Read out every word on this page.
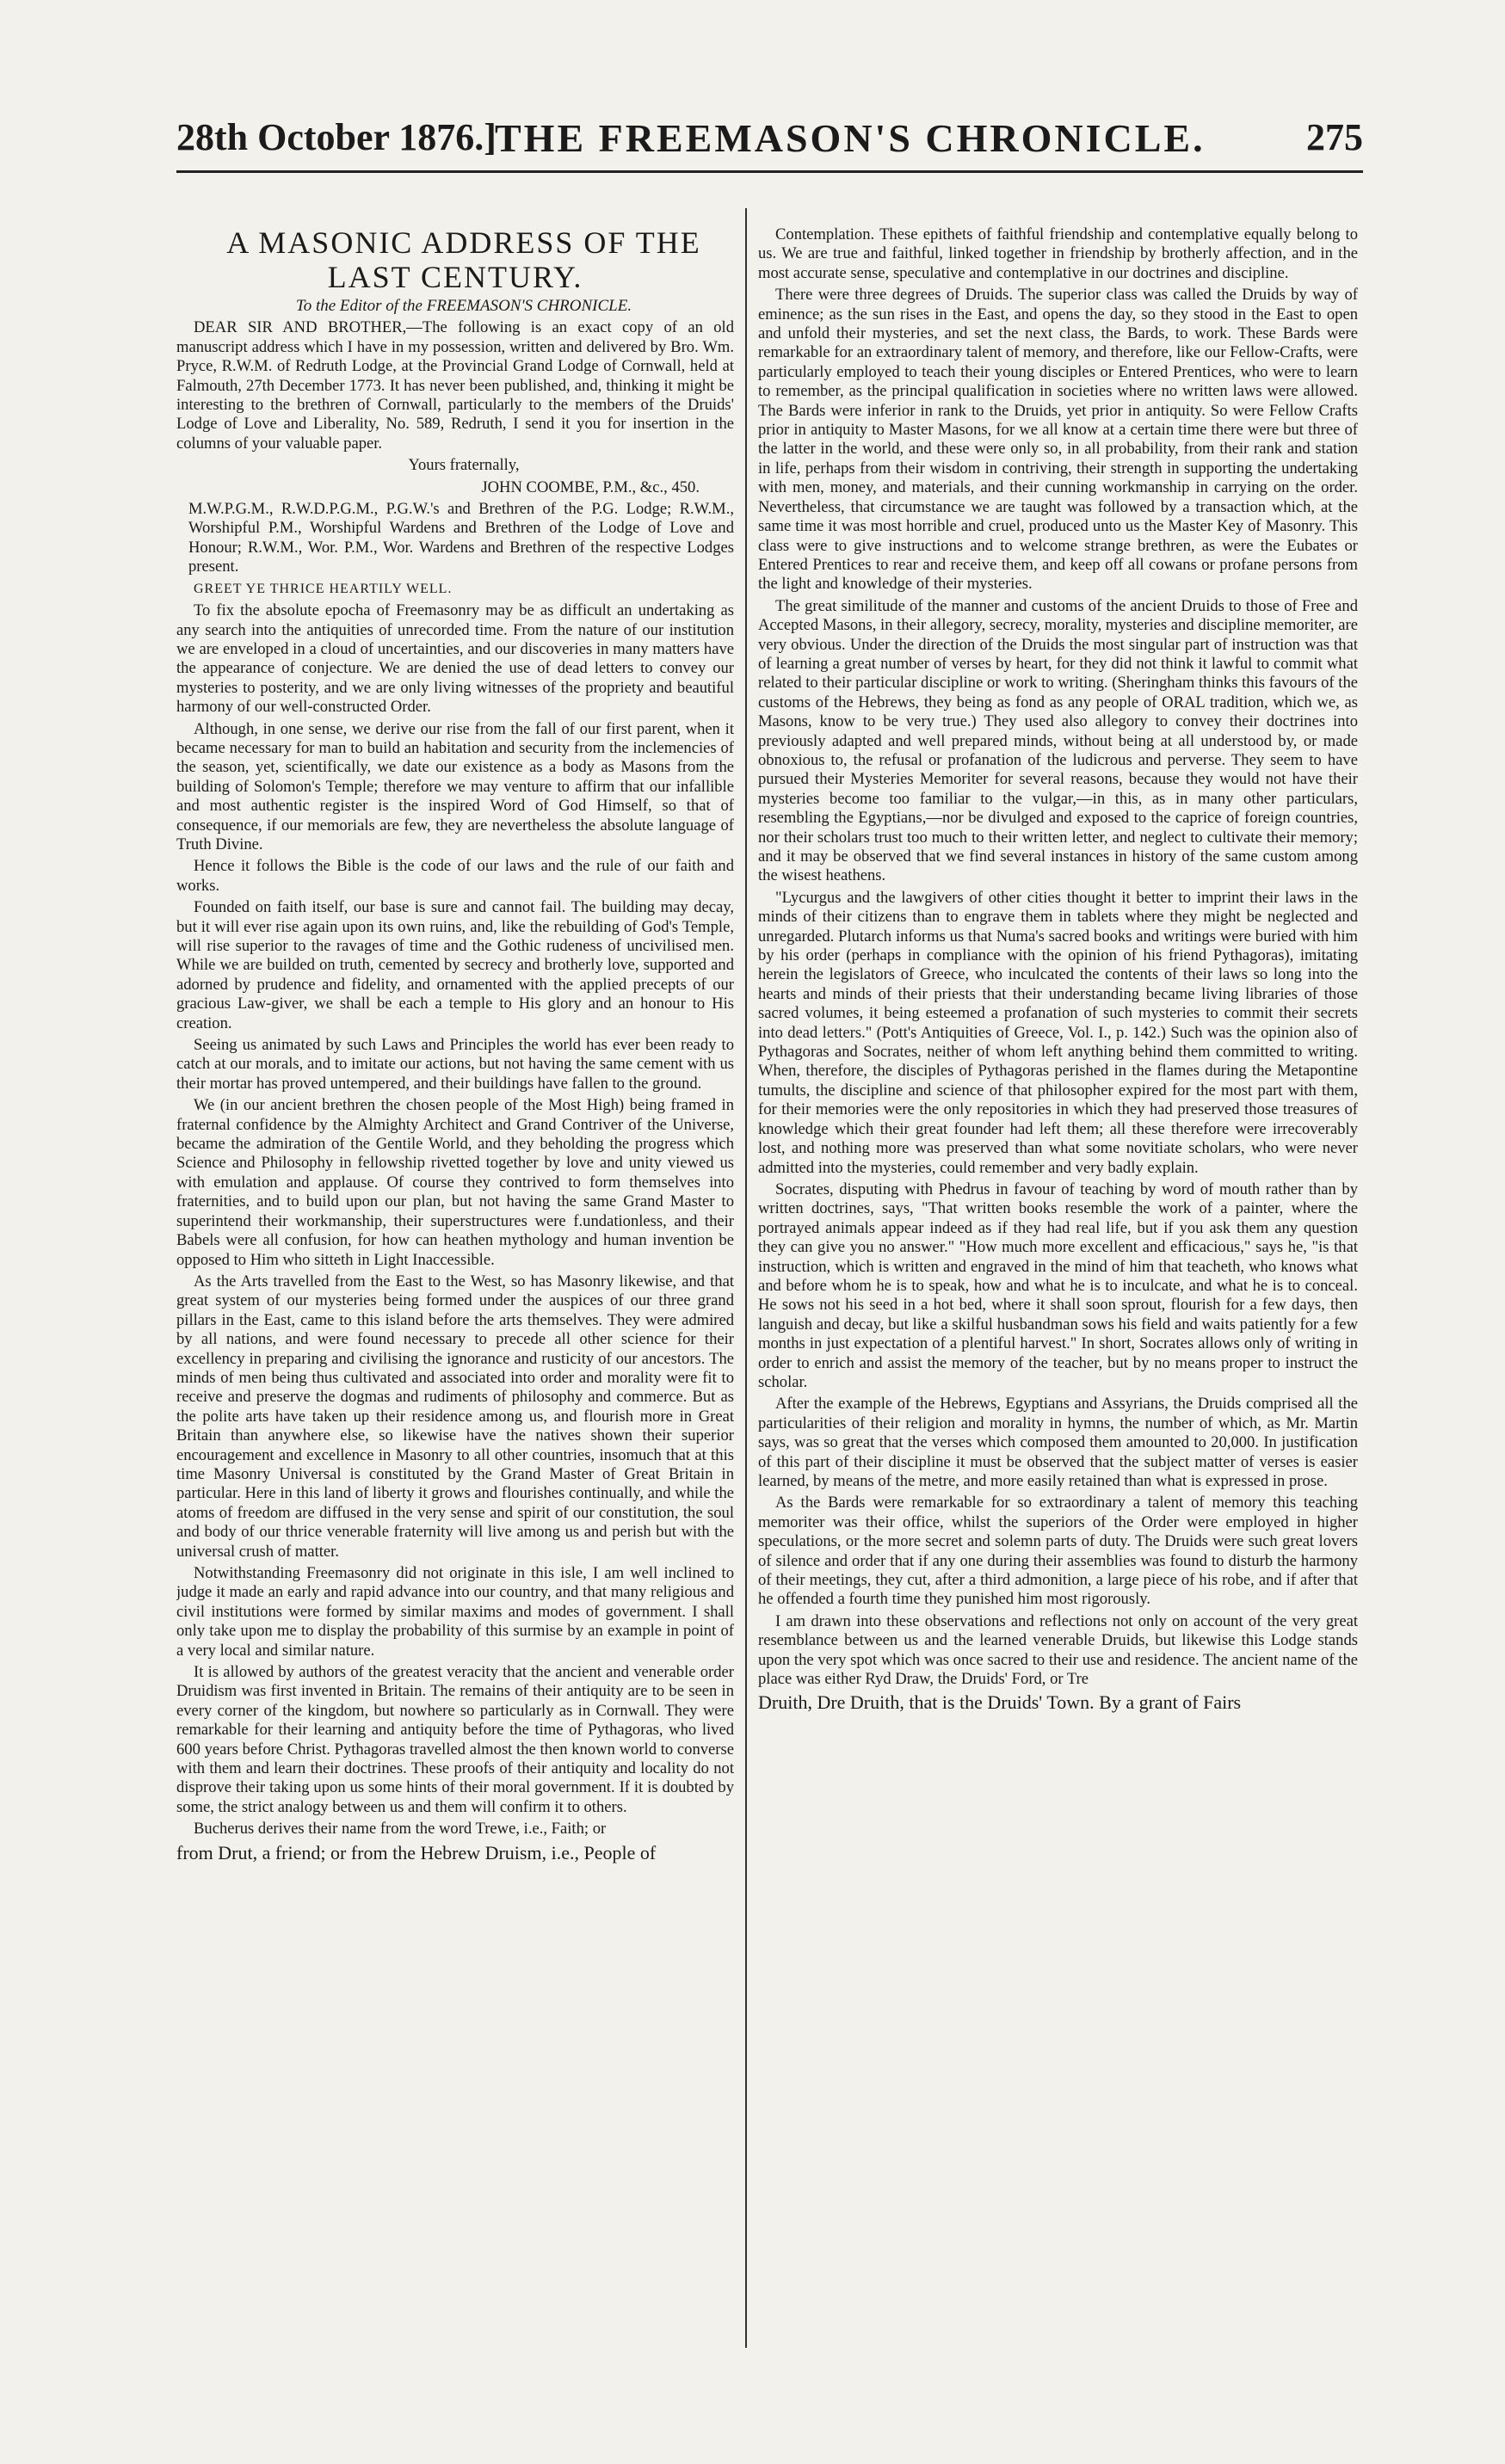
28th October 1876.]
THE FREEMASON'S CHRONICLE.	275

A MASONIC ADDRESS OF THE LAST CENTURY.

To the Editor of the FREEMASON'S CHRONICLE.

DEAR SIR AND BROTHER,—The following is an exact copy of an old manuscript address which I have in my possession, written and delivered by Bro. Wm. Pryce, R.W.M. of Redruth Lodge, at the Provincial Grand Lodge of Cornwall, held at Falmouth, 27th December 1773. It has never been published, and, thinking it might be interesting to the brethren of Cornwall, particularly to the members of the Druids' Lodge of Love and Liberality, No. 589, Redruth, I send it you for insertion in the columns of your valuable paper.

Yours fraternally,

JOHN COOMBE, P.M., &c., 450.

M.W.P.G.M., R.W.D.P.G.M., P.G.W.'s and Brethren of the P.G. Lodge; R.W.M., Worshipful P.M., Worshipful Wardens and Brethren of the Lodge of Love and Honour; R.W.M., Wor. P.M., Wor. Wardens and Brethren of the respective Lodges present.

GREET YE THRICE HEARTILY WELL.

To fix the absolute epocha of Freemasonry may be as difficult an undertaking as any search into the antiquities of unrecorded time. From the nature of our institution we are enveloped in a cloud of uncertainties, and our discoveries in many matters have the appearance of conjecture. We are denied the use of dead letters to convey our mysteries to posterity, and we are only living witnesses of the propriety and beautiful harmony of our well-constructed Order.

Although, in one sense, we derive our rise from the fall of our first parent, when it became necessary for man to build an habitation and security from the inclemencies of the season, yet, scientifically, we date our existence as a body as Masons from the building of Solomon's Temple; therefore we may venture to affirm that our infallible and most authentic register is the inspired Word of God Himself, so that of consequence, if our memorials are few, they are nevertheless the absolute language of Truth Divine.

Hence it follows the Bible is the code of our laws and the rule of our faith and works.

Founded on faith itself, our base is sure and cannot fail. The building may decay, but it will ever rise again upon its own ruins, and, like the rebuilding of God's Temple, will rise superior to the ravages of time and the Gothic rudeness of uncivilised men. While we are builded on truth, cemented by secrecy and brotherly love, supported and adorned by prudence and fidelity, and ornamented with the applied precepts of our gracious Law-giver, we shall be each a temple to His glory and an honour to His creation.

Seeing us animated by such Laws and Principles the world has ever been ready to catch at our morals, and to imitate our actions, but not having the same cement with us their mortar has proved untempered, and their buildings have fallen to the ground.

We (in our ancient brethren the chosen people of the Most High) being framed in fraternal confidence by the Almighty Architect and Grand Contriver of the Universe, became the admiration of the Gentile World, and they beholding the progress which Science and Philosophy in fellowship rivetted together by love and unity viewed us with emulation and applause. Of course they contrived to form themselves into fraternities, and to build upon our plan, but not having the same Grand Master to superintend their workmanship, their superstructures were f.undationless, and their Babels were all confusion, for how can heathen mythology and human invention be opposed to Him who sitteth in Light Inaccessible.

As the Arts travelled from the East to the West, so has Masonry likewise, and that great system of our mysteries being formed under the auspices of our three grand pillars in the East, came to this island before the arts themselves. They were admired by all nations, and were found necessary to precede all other science for their excellency in preparing and civilising the ignorance and rusticity of our ancestors. The minds of men being thus cultivated and associated into order and morality were fit to receive and preserve the dogmas and rudiments of philosophy and commerce. But as the polite arts have taken up their residence among us, and flourish more in Great Britain than anywhere else, so likewise have the natives shown their superior encouragement and excellence in Masonry to all other countries, insomuch that at this time Masonry Universal is constituted by the Grand Master of Great Britain in particular. Here in this land of liberty it grows and flourishes continually, and while the atoms of freedom are diffused in the very sense and spirit of our constitution, the soul and body of our thrice venerable fraternity will live among us and perish but with the universal crush of matter.

Notwithstanding Freemasonry did not originate in this isle, I am well inclined to judge it made an early and rapid advance into our country, and that many religious and civil institutions were formed by similar maxims and modes of government. I shall only take upon me to display the probability of this surmise by an example in point of a very local and similar nature.

It is allowed by authors of the greatest veracity that the ancient and venerable order Druidism was first invented in Britain. The remains of their antiquity are to be seen in every corner of the kingdom, but nowhere so particularly as in Cornwall. They were remarkable for their learning and antiquity before the time of Pythagoras, who lived 600 years before Christ. Pythagoras travelled almost the then known world to converse with them and learn their doctrines. These proofs of their antiquity and locality do not disprove their taking upon us some hints of their moral government. If it is doubted by some, the strict analogy between us and them will confirm it to others.

Bucherus derives their name from the word Trewe, i.e., Faith; or

from Drut, a friend; or from the Hebrew Druism, i.e., People of

Contemplation. These epithets of faithful friendship and contemplative equally belong to us. We are true and faithful, linked together in friendship by brotherly affection, and in the most accurate sense, speculative and contemplative in our doctrines and discipline.

There were three degrees of Druids. The superior class was called the Druids by way of eminence; as the sun rises in the East, and opens the day, so they stood in the East to open and unfold their mysteries, and set the next class, the Bards, to work. These Bards were remarkable for an extraordinary talent of memory, and therefore, like our Fellow-Crafts, were particularly employed to teach their young disciples or Entered Prentices, who were to learn to remember, as the principal qualification in societies where no written laws were allowed. The Bards were inferior in rank to the Druids, yet prior in antiquity. So were Fellow Crafts prior in antiquity to Master Masons, for we all know at a certain time there were but three of the latter in the world, and these were only so, in all probability, from their rank and station in life, perhaps from their wisdom in contriving, their strength in supporting the undertaking with men, money, and materials, and their cunning workmanship in carrying on the order. Nevertheless, that circumstance we are taught was followed by a transaction which, at the same time it was most horrible and cruel, produced unto us the Master Key of Masonry. This class were to give instructions and to welcome strange brethren, as were the Eubates or Entered Prentices to rear and receive them, and keep off all cowans or profane persons from the light and knowledge of their mysteries.

The great similitude of the manner and customs of the ancient Druids to those of Free and Accepted Masons, in their allegory, secrecy, morality, mysteries and discipline memoriter, are very obvious. Under the direction of the Druids the most singular part of instruction was that of learning a great number of verses by heart, for they did not think it lawful to commit what related to their particular discipline or work to writing. (Sheringham thinks this favours of the customs of the Hebrews, they being as fond as any people of ORAL tradition, which we, as Masons, know to be very true.) They used also allegory to convey their doctrines into previously adapted and well prepared minds, without being at all understood by, or made obnoxious to, the refusal or profanation of the ludicrous and perverse. They seem to have pursued their Mysteries Memoriter for several reasons, because they would not have their mysteries become too familiar to the vulgar,—in this, as in many other particulars, resembling the Egyptians,—nor be divulged and exposed to the caprice of foreign countries, nor their scholars trust too much to their written letter, and neglect to cultivate their memory; and it may be observed that we find several instances in history of the same custom among the wisest heathens.

"Lycurgus and the lawgivers of other cities thought it better to imprint their laws in the minds of their citizens than to engrave them in tablets where they might be neglected and unregarded. Plutarch informs us that Numa's sacred books and writings were buried with him by his order (perhaps in compliance with the opinion of his friend Pythagoras), imitating herein the legislators of Greece, who inculcated the contents of their laws so long into the hearts and minds of their priests that their understanding became living libraries of those sacred volumes, it being esteemed a profanation of such mysteries to commit their secrets into dead letters." (Pott's Antiquities of Greece, Vol. I., p. 142.) Such was the opinion also of Pythagoras and Socrates, neither of whom left anything behind them committed to writing. When, therefore, the disciples of Pythagoras perished in the flames during the Metapontine tumults, the discipline and science of that philosopher expired for the most part with them, for their memories were the only repositories in which they had preserved those treasures of knowledge which their great founder had left them; all these therefore were irrecoverably lost, and nothing more was preserved than what some novitiate scholars, who were never admitted into the mysteries, could remember and very badly explain.

Socrates, disputing with Phedrus in favour of teaching by word of mouth rather than by written doctrines, says, "That written books resemble the work of a painter, where the portrayed animals appear indeed as if they had real life, but if you ask them any question they can give you no answer." "How much more excellent and efficacious," says he, "is that instruction, which is written and engraved in the mind of him that teacheth, who knows what and before whom he is to speak, how and what he is to inculcate, and what he is to conceal. He sows not his seed in a hot bed, where it shall soon sprout, flourish for a few days, then languish and decay, but like a skilful husbandman sows his field and waits patiently for a few months in just expectation of a plentiful harvest." In short, Socrates allows only of writing in order to enrich and assist the memory of the teacher, but by no means proper to instruct the scholar.

After the example of the Hebrews, Egyptians and Assyrians, the Druids comprised all the particularities of their religion and morality in hymns, the number of which, as Mr. Martin says, was so great that the verses which composed them amounted to 20,000. In justification of this part of their discipline it must be observed that the subject matter of verses is easier learned, by means of the metre, and more easily retained than what is expressed in prose.

As the Bards were remarkable for so extraordinary a talent of memory this teaching memoriter was their office, whilst the superiors of the Order were employed in higher speculations, or the more secret and solemn parts of duty. The Druids were such great lovers of silence and order that if any one during their assemblies was found to disturb the harmony of their meetings, they cut, after a third admonition, a large piece of his robe, and if after that he offended a fourth time they punished him most rigorously.

I am drawn into these observations and reflections not only on account of the very great resemblance between us and the learned venerable Druids, but likewise this Lodge stands upon the very spot which was once sacred to their use and residence. The ancient name of the place was either Ryd Draw, the Druids' Ford, or Tre

Druith, Dre Druith, that is the Druids' Town. By a grant of Fairs
